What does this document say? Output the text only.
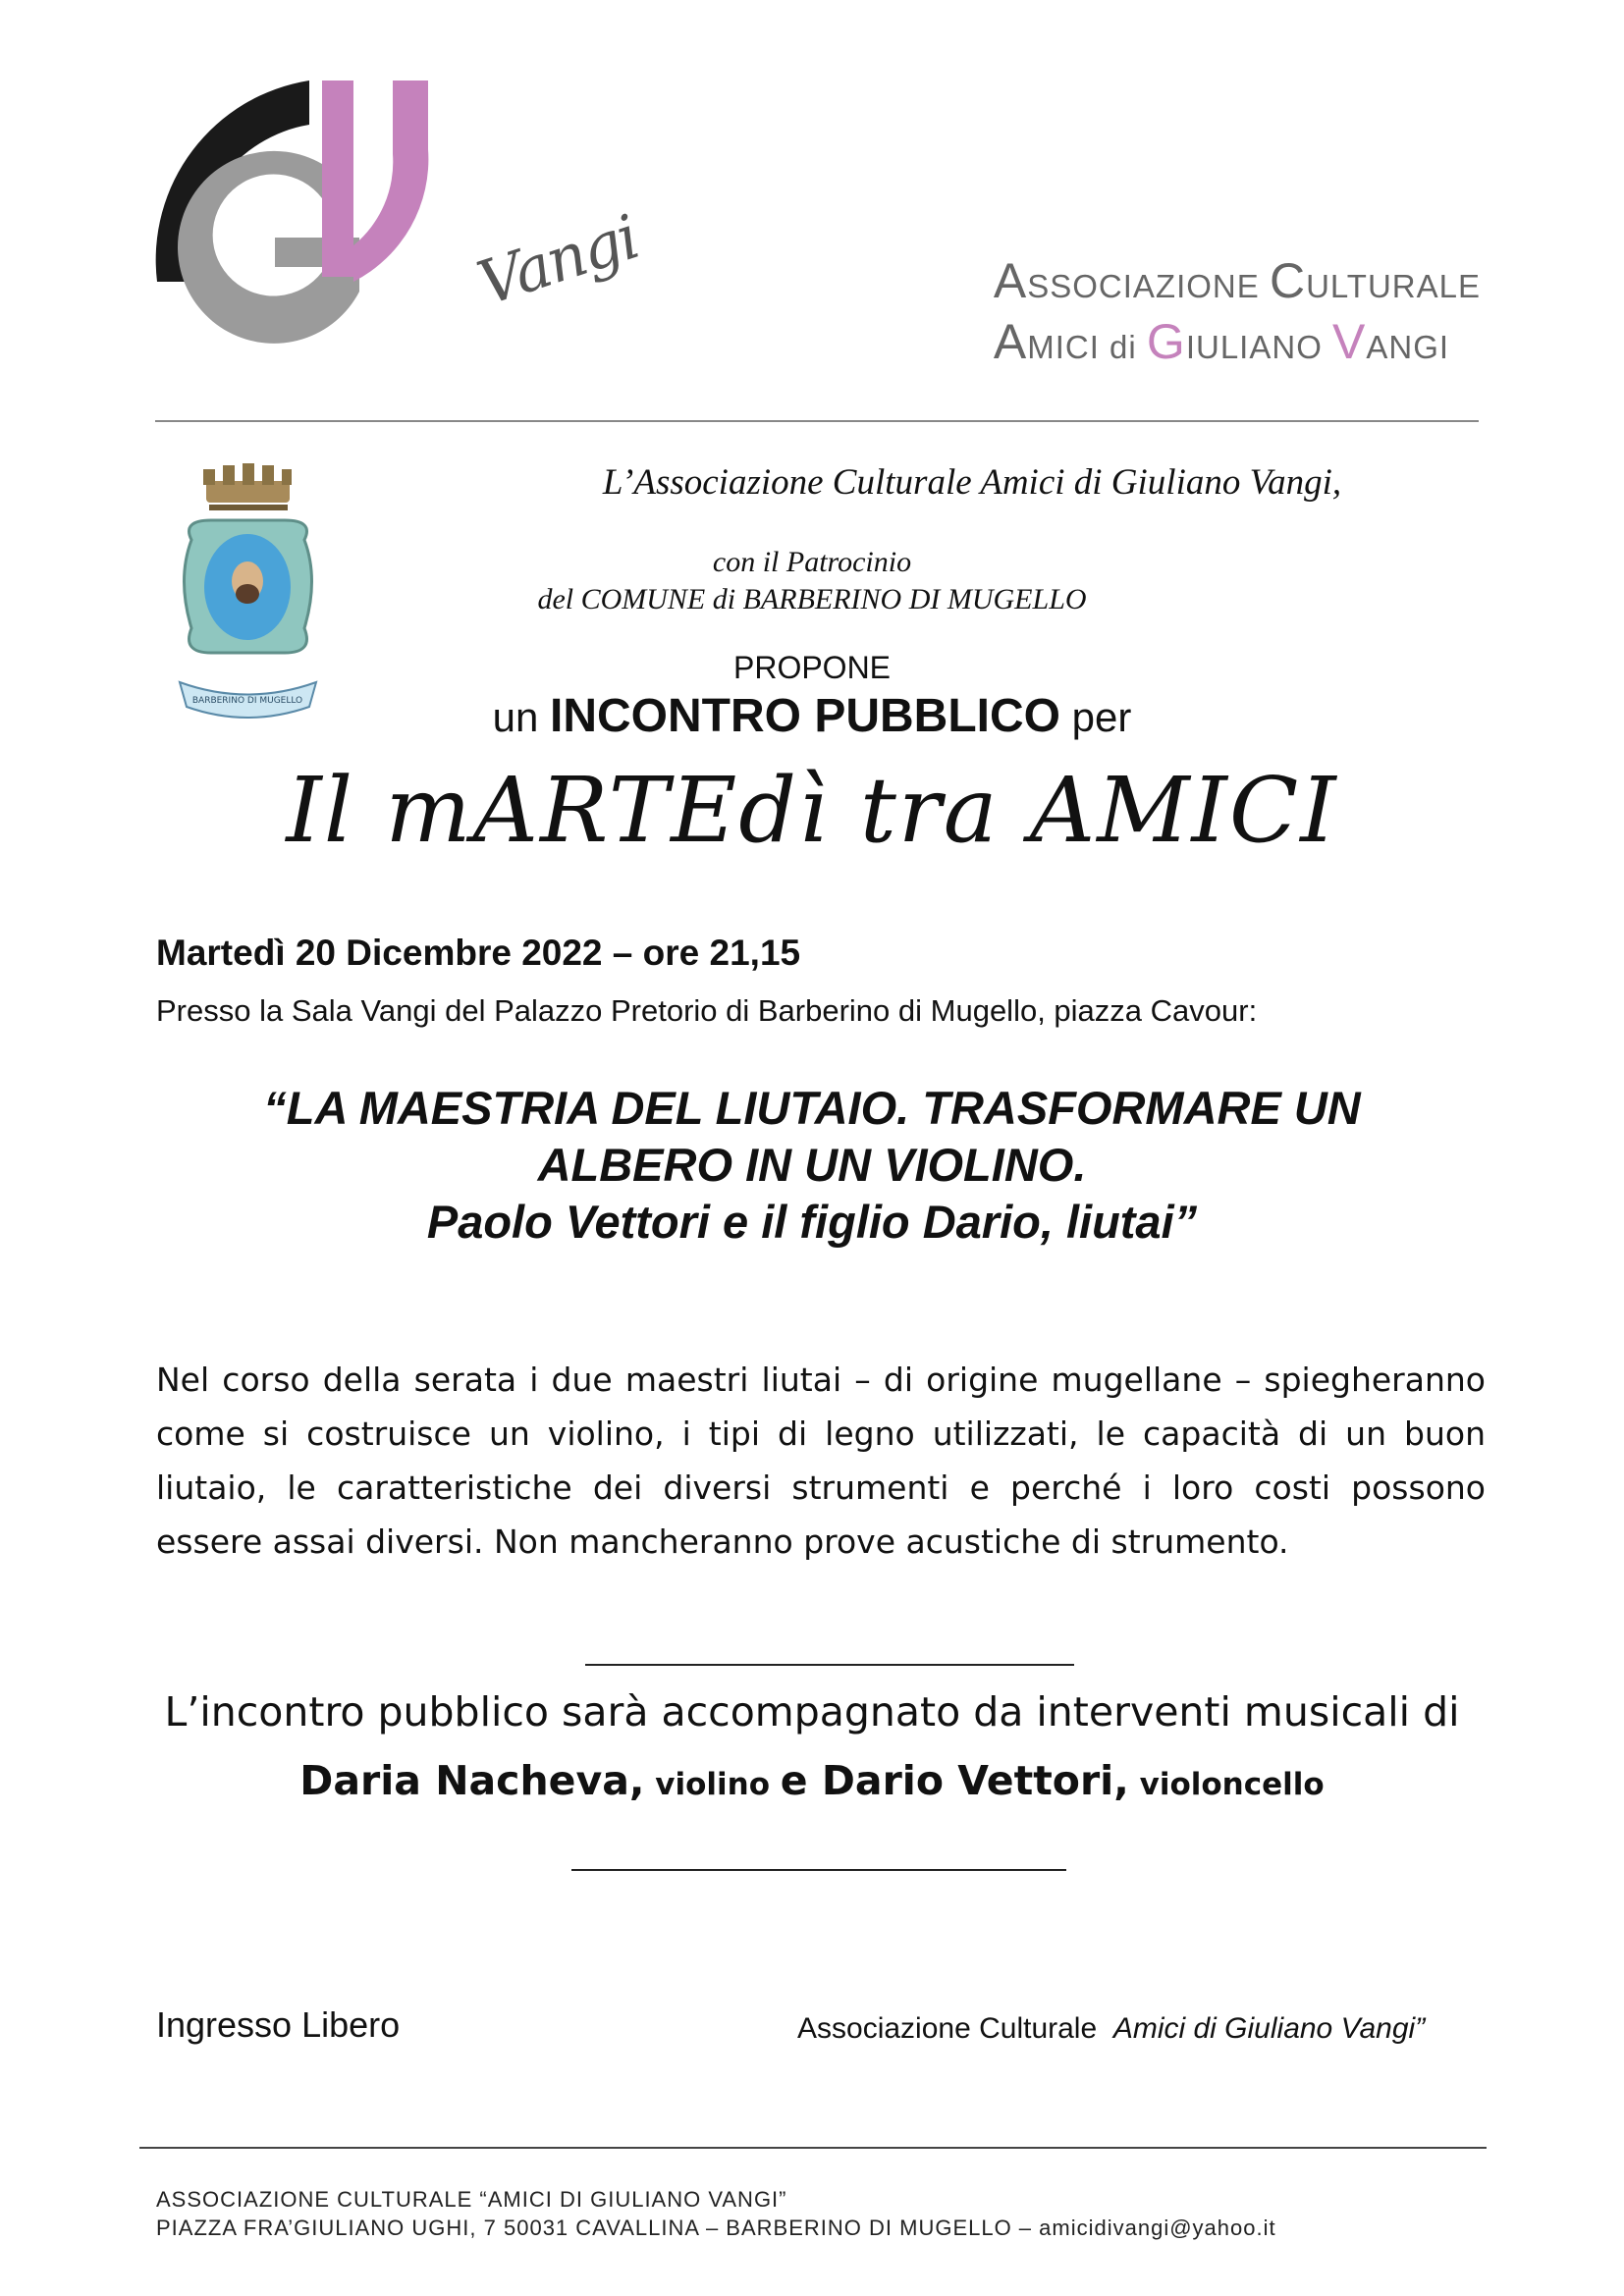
Vangi	ASSOCIAZIONE CULTURALE
AMICI di GIULIANO VANGI
BARBERINO DI MUGELLO
L’Associazione Culturale Amici di Giuliano Vangi,
con il Patrocinio
del COMUNE di BARBERINO DI MUGELLO
PROPONE
un INCONTRO PUBBLICO per
Il mARTEdì tra AMICI
Martedì 20 Dicembre 2022 – ore 21,15
Presso la Sala Vangi del Palazzo Pretorio di Barberino di Mugello, piazza Cavour:
“LA MAESTRIA DEL LIUTAIO. TRASFORMARE UN
ALBERO IN UN VIOLINO.
Paolo Vettori e il figlio Dario, liutai”
Nel corso della serata i due maestri liutai – di origine mugellane – spiegheranno come si costruisce un violino, i tipi di legno utilizzati, le capacità di un buon liutaio, le caratteristiche dei diversi strumenti e perché i loro costi possono essere assai diversi. Non mancheranno prove acustiche di strumento.
L’incontro pubblico sarà accompagnato da interventi musicali di
Daria Nacheva, violino e Dario Vettori, violoncello
Ingresso Libero	Associazione Culturale  Amici di Giuliano Vangi”
ASSOCIAZIONE CULTURALE “AMICI DI GIULIANO VANGI”
PIAZZA FRA’GIULIANO UGHI, 7 50031 CAVALLINA – BARBERINO DI MUGELLO – amicidivangi@yahoo.it
